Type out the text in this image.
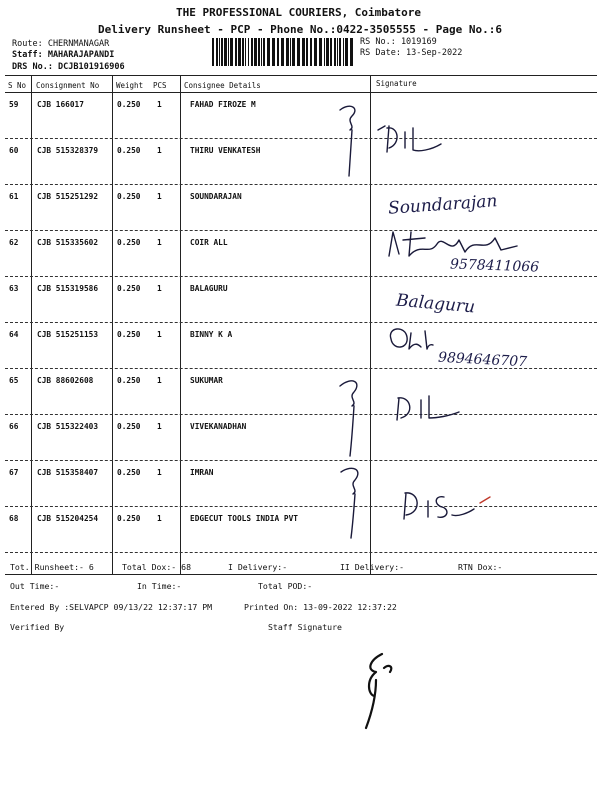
THE PROFESSIONAL COURIERS, Coimbatore
Delivery Runsheet - PCP - Phone No.:0422-3505555 - Page No.:6
Route: CHERNMANAGAR
Staff: MAHARAJAPANDI
DRS No.: DCJB101916906
RS No.: 1019169
RS Date: 13-Sep-2022
S No Consignment No Weight PCS Consignee Details	Signature
59 CJB 166017	0.250 1	FAHAD FIROZE M
60 CJB 515328379 0.250 1	THIRU VENKATESH
61 CJB 515251292 0.250 1	SOUNDARAJAN
62 CJB 515335602 0.250 1	COIR ALL
63 CJB 515319586 0.250 1	BALAGURU
64 CJB 515251153 0.250 1	BINNY K A
65 CJB 88602608	0.250 1	SUKUMAR
66 CJB 515322403 0.250 1	VIVEKANADHAN
67 CJB 515358407 0.250 1	IMRAN
68 CJB 515204254 0.250 1	EDGECUT TOOLS INDIA PVT
Soundarajan
9578411066
Balaguru
9894646707
Tot. Runsheet:- 6	Total Dox:- 68	I Delivery:-	II Delivery:-	RTN Dox:-
Out Time:-	In Time:-	Total POD:-
Entered By :SELVAPCP 09/13/22 12:37:17 PM	Printed On: 13-09-2022 12:37:22
Verified By	Staff Signature
